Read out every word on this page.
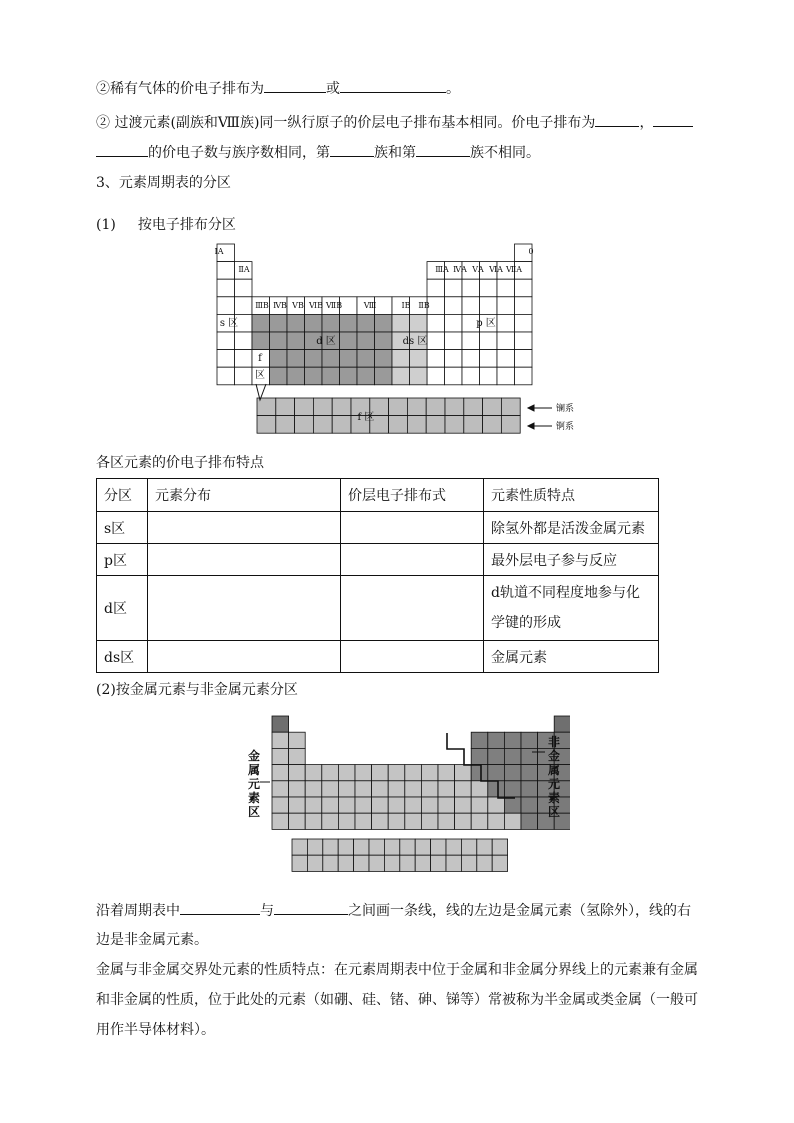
②稀有气体的价电子排布为	或	。
② 过渡元素(副族和Ⅷ族)同一纵行原子的价层电子排布基本相同。价电子排布为	，
的价电子数与族序数相同，第	族和第	族不相同。
3、元素周期表的分区
(1) 按电子排布分区
ⅠA	0
ⅡA	ⅢA ⅣA ⅤA ⅥA ⅦA
ⅢB ⅣB ⅤB ⅥB ⅦB	Ⅷ	ⅠB ⅡB
s 区	p 区
d 区	ds 区
f
区
f 区
镧系
锕系
各区元素的价电子排布特点
分区	元素分布	价层电子排布式	元素性质特点
s区			除氢外都是活泼金属元素
p区			最外层电子参与反应
d区			d轨道不同程度地参与化学键的形成
ds区			金属元素
(2)按金属元素与非金属元素分区
金
属
元
素
区
非
金
属
元
素
区
沿着周期表中	与	之间画一条线，线的左边是金属元素（氢除外），线的右
边是非金属元素。
金属与非金属交界处元素的性质特点：在元素周期表中位于金属和非金属分界线上的元素兼有金属
和非金属的性质，位于此处的元素（如硼、硅、锗、砷、锑等）常被称为半金属或类金属（一般可
用作半导体材料）。
